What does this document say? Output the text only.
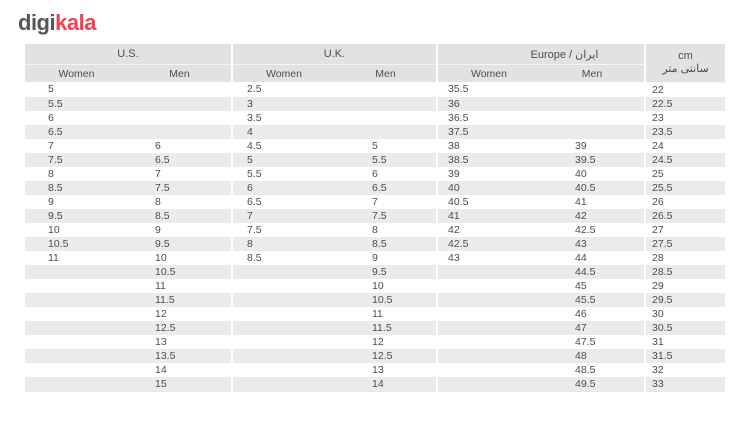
digikala
U.S.		U.K.		Europe / ایران		cm
سانتی متر

Women	Men	Women	Men	Women	Men	
5		2.5		35.5		22
5.5		3		36		22.5
6		3.5		36.5		23
6.5		4		37.5		23.5
7	6	4.5	5	38	39	24
7.5	6.5	5	5.5	38.5	39.5	24.5
8	7	5.5	6	39	40	25
8.5	7.5	6	6.5	40	40.5	25.5
9	8	6.5	7	40.5	41	26
9.5	8.5	7	7.5	41	42	26.5
10	9	7.5	8	42	42.5	27
10.5	9.5	8	8.5	42.5	43	27.5
11	10	8.5	9	43	44	28
	10.5		9.5		44.5	28.5
	11		10		45	29
	11.5		10.5		45.5	29.5
	12		11		46	30
	12.5		11.5		47	30.5
	13		12		47.5	31
	13.5		12.5		48	31.5
	14		13		48.5	32
	15		14		49.5	33
